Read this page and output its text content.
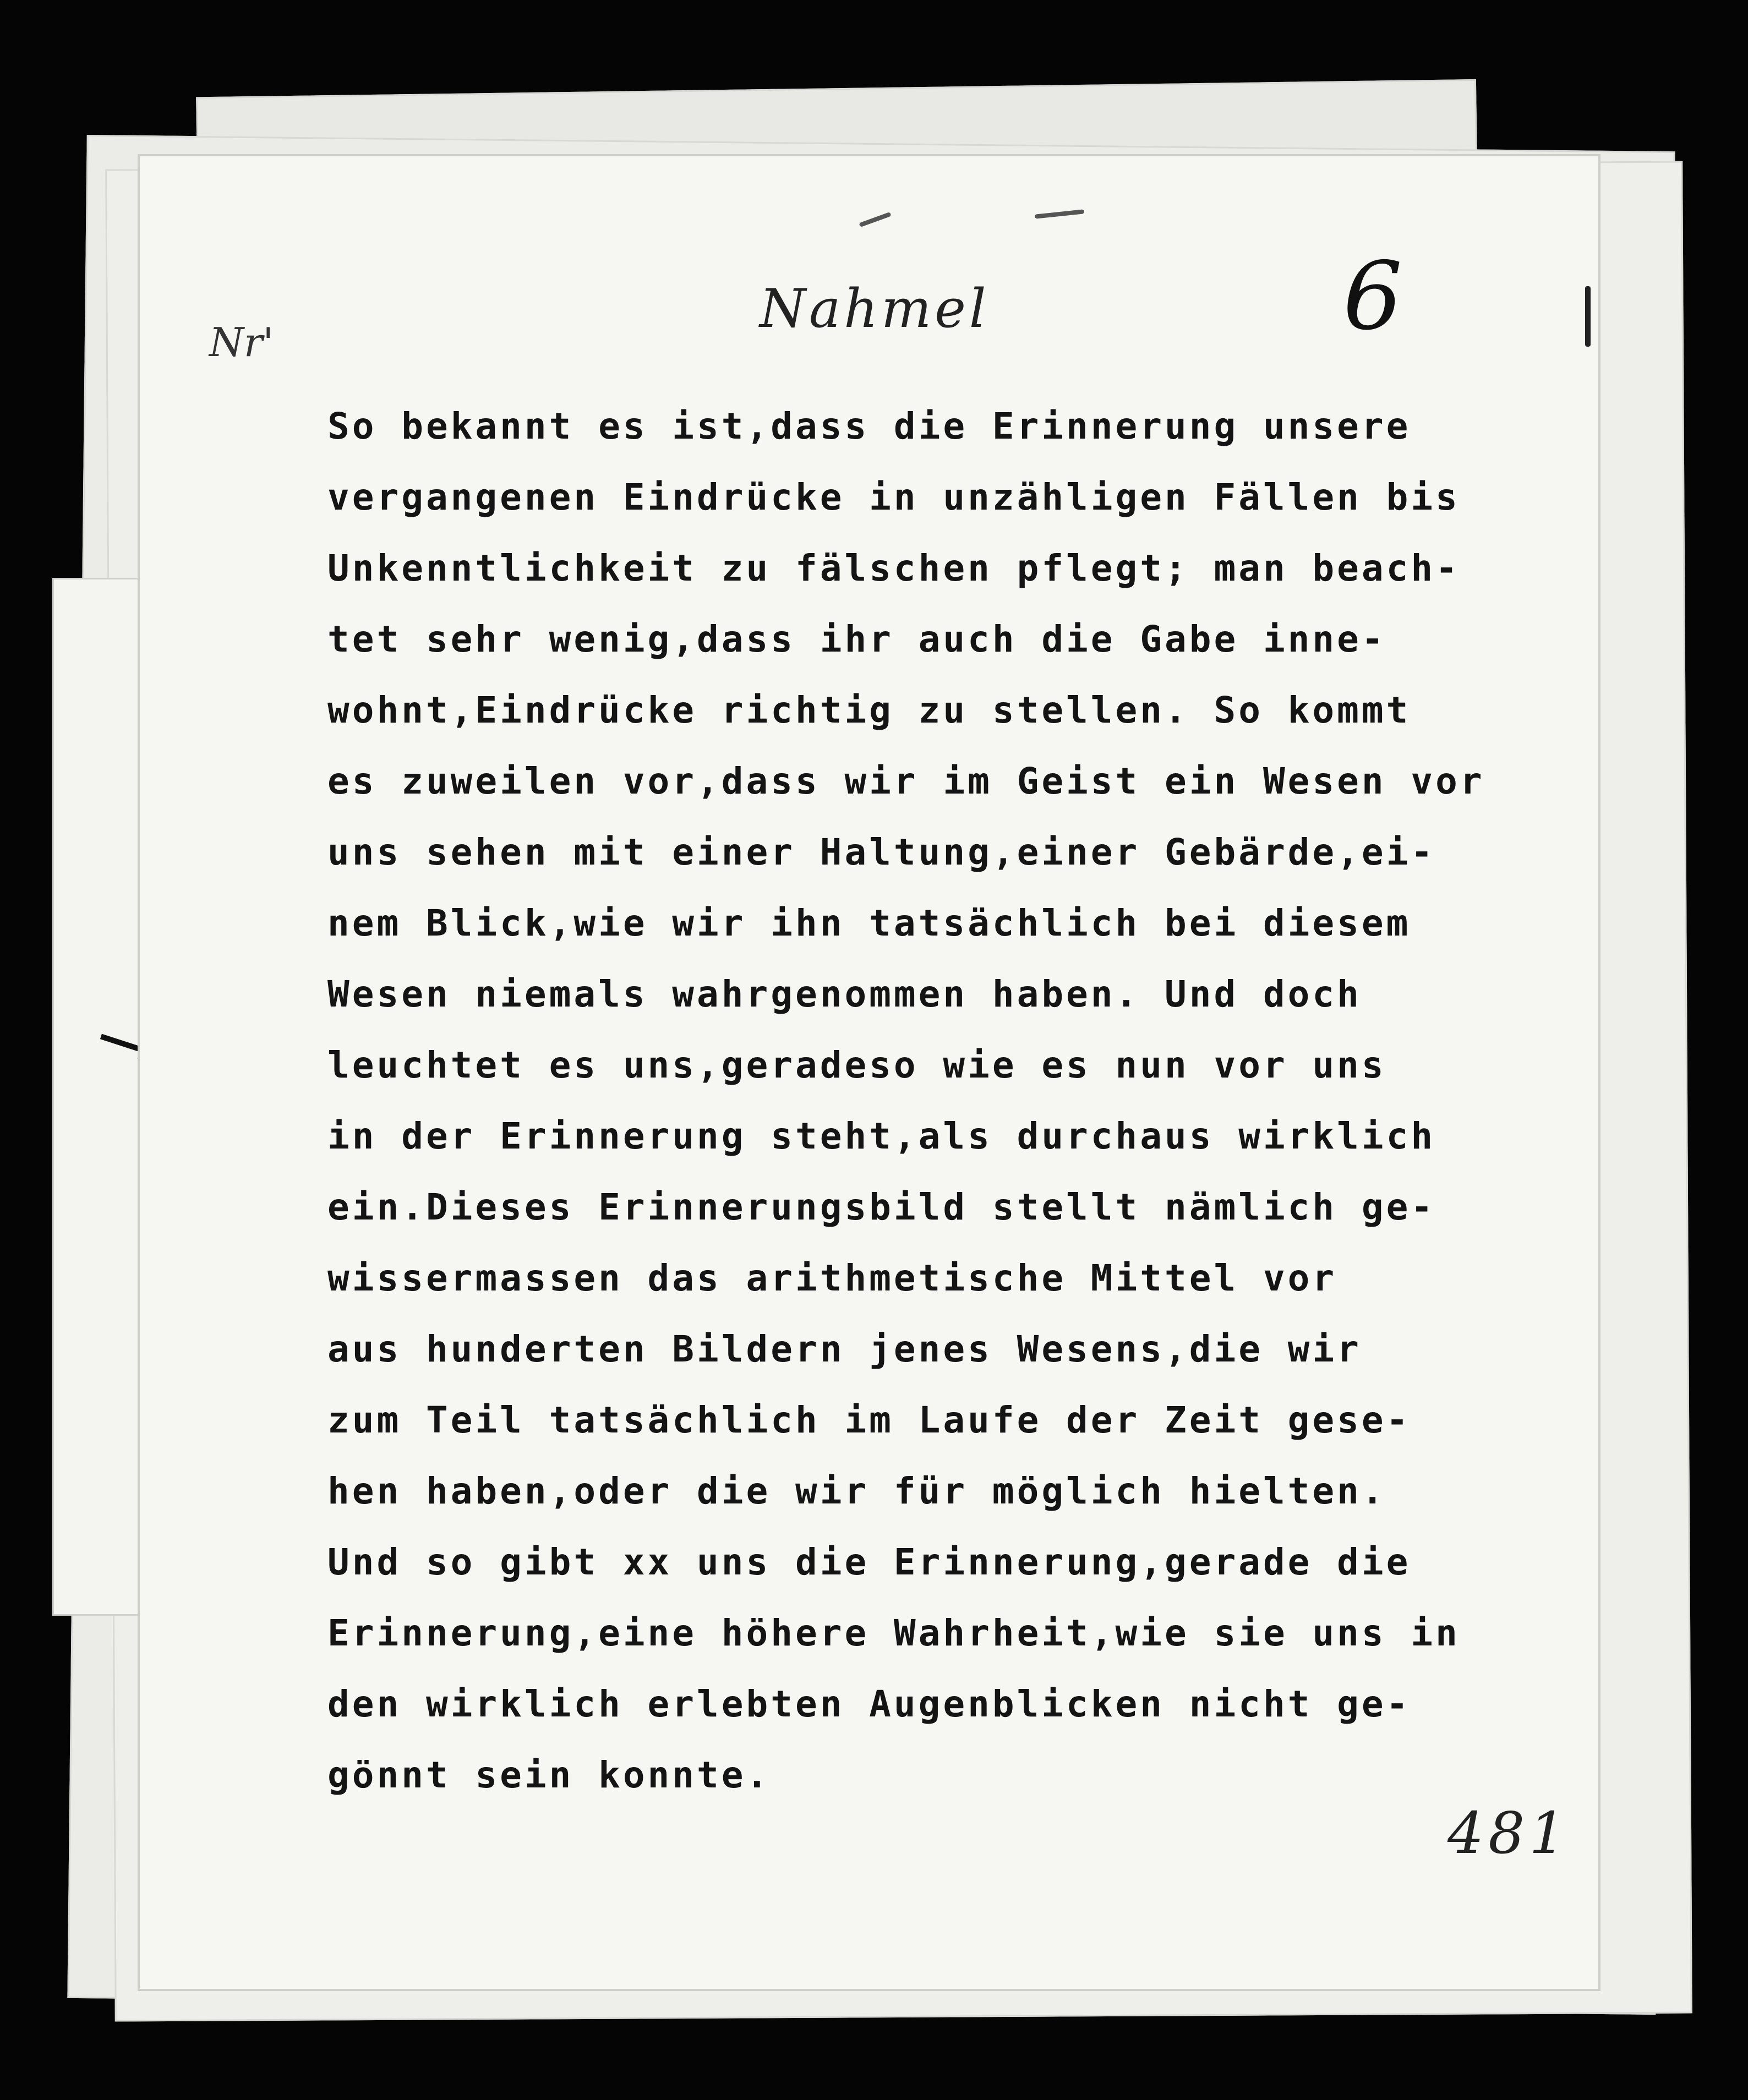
Nr'
Nahmel	6
So bekannt es ist,dass die Erinnerung unsere
vergangenen Eindrücke in unzähligen Fällen bis
Unkenntlichkeit zu fälschen pflegt; man beach-
tet sehr wenig,dass ihr auch die Gabe inne-
wohnt,Eindrücke richtig zu stellen. So kommt
es zuweilen vor,dass wir im Geist ein Wesen vor
uns sehen mit einer Haltung,einer Gebärde,ei-
nem Blick,wie wir ihn tatsächlich bei diesem
Wesen niemals wahrgenommen haben. Und doch
leuchtet es uns,geradeso wie es nun vor uns
in der Erinnerung steht,als durchaus wirklich
ein.Dieses Erinnerungsbild stellt nämlich ge-
wissermassen das arithmetische Mittel vor
aus hunderten Bildern jenes Wesens,die wir
zum Teil tatsächlich im Laufe der Zeit gese-
hen haben,oder die wir für möglich hielten.
Und so gibt xx uns die Erinnerung,gerade die
Erinnerung,eine höhere Wahrheit,wie sie uns in
den wirklich erlebten Augenblicken nicht ge-
gönnt sein konnte.
481
